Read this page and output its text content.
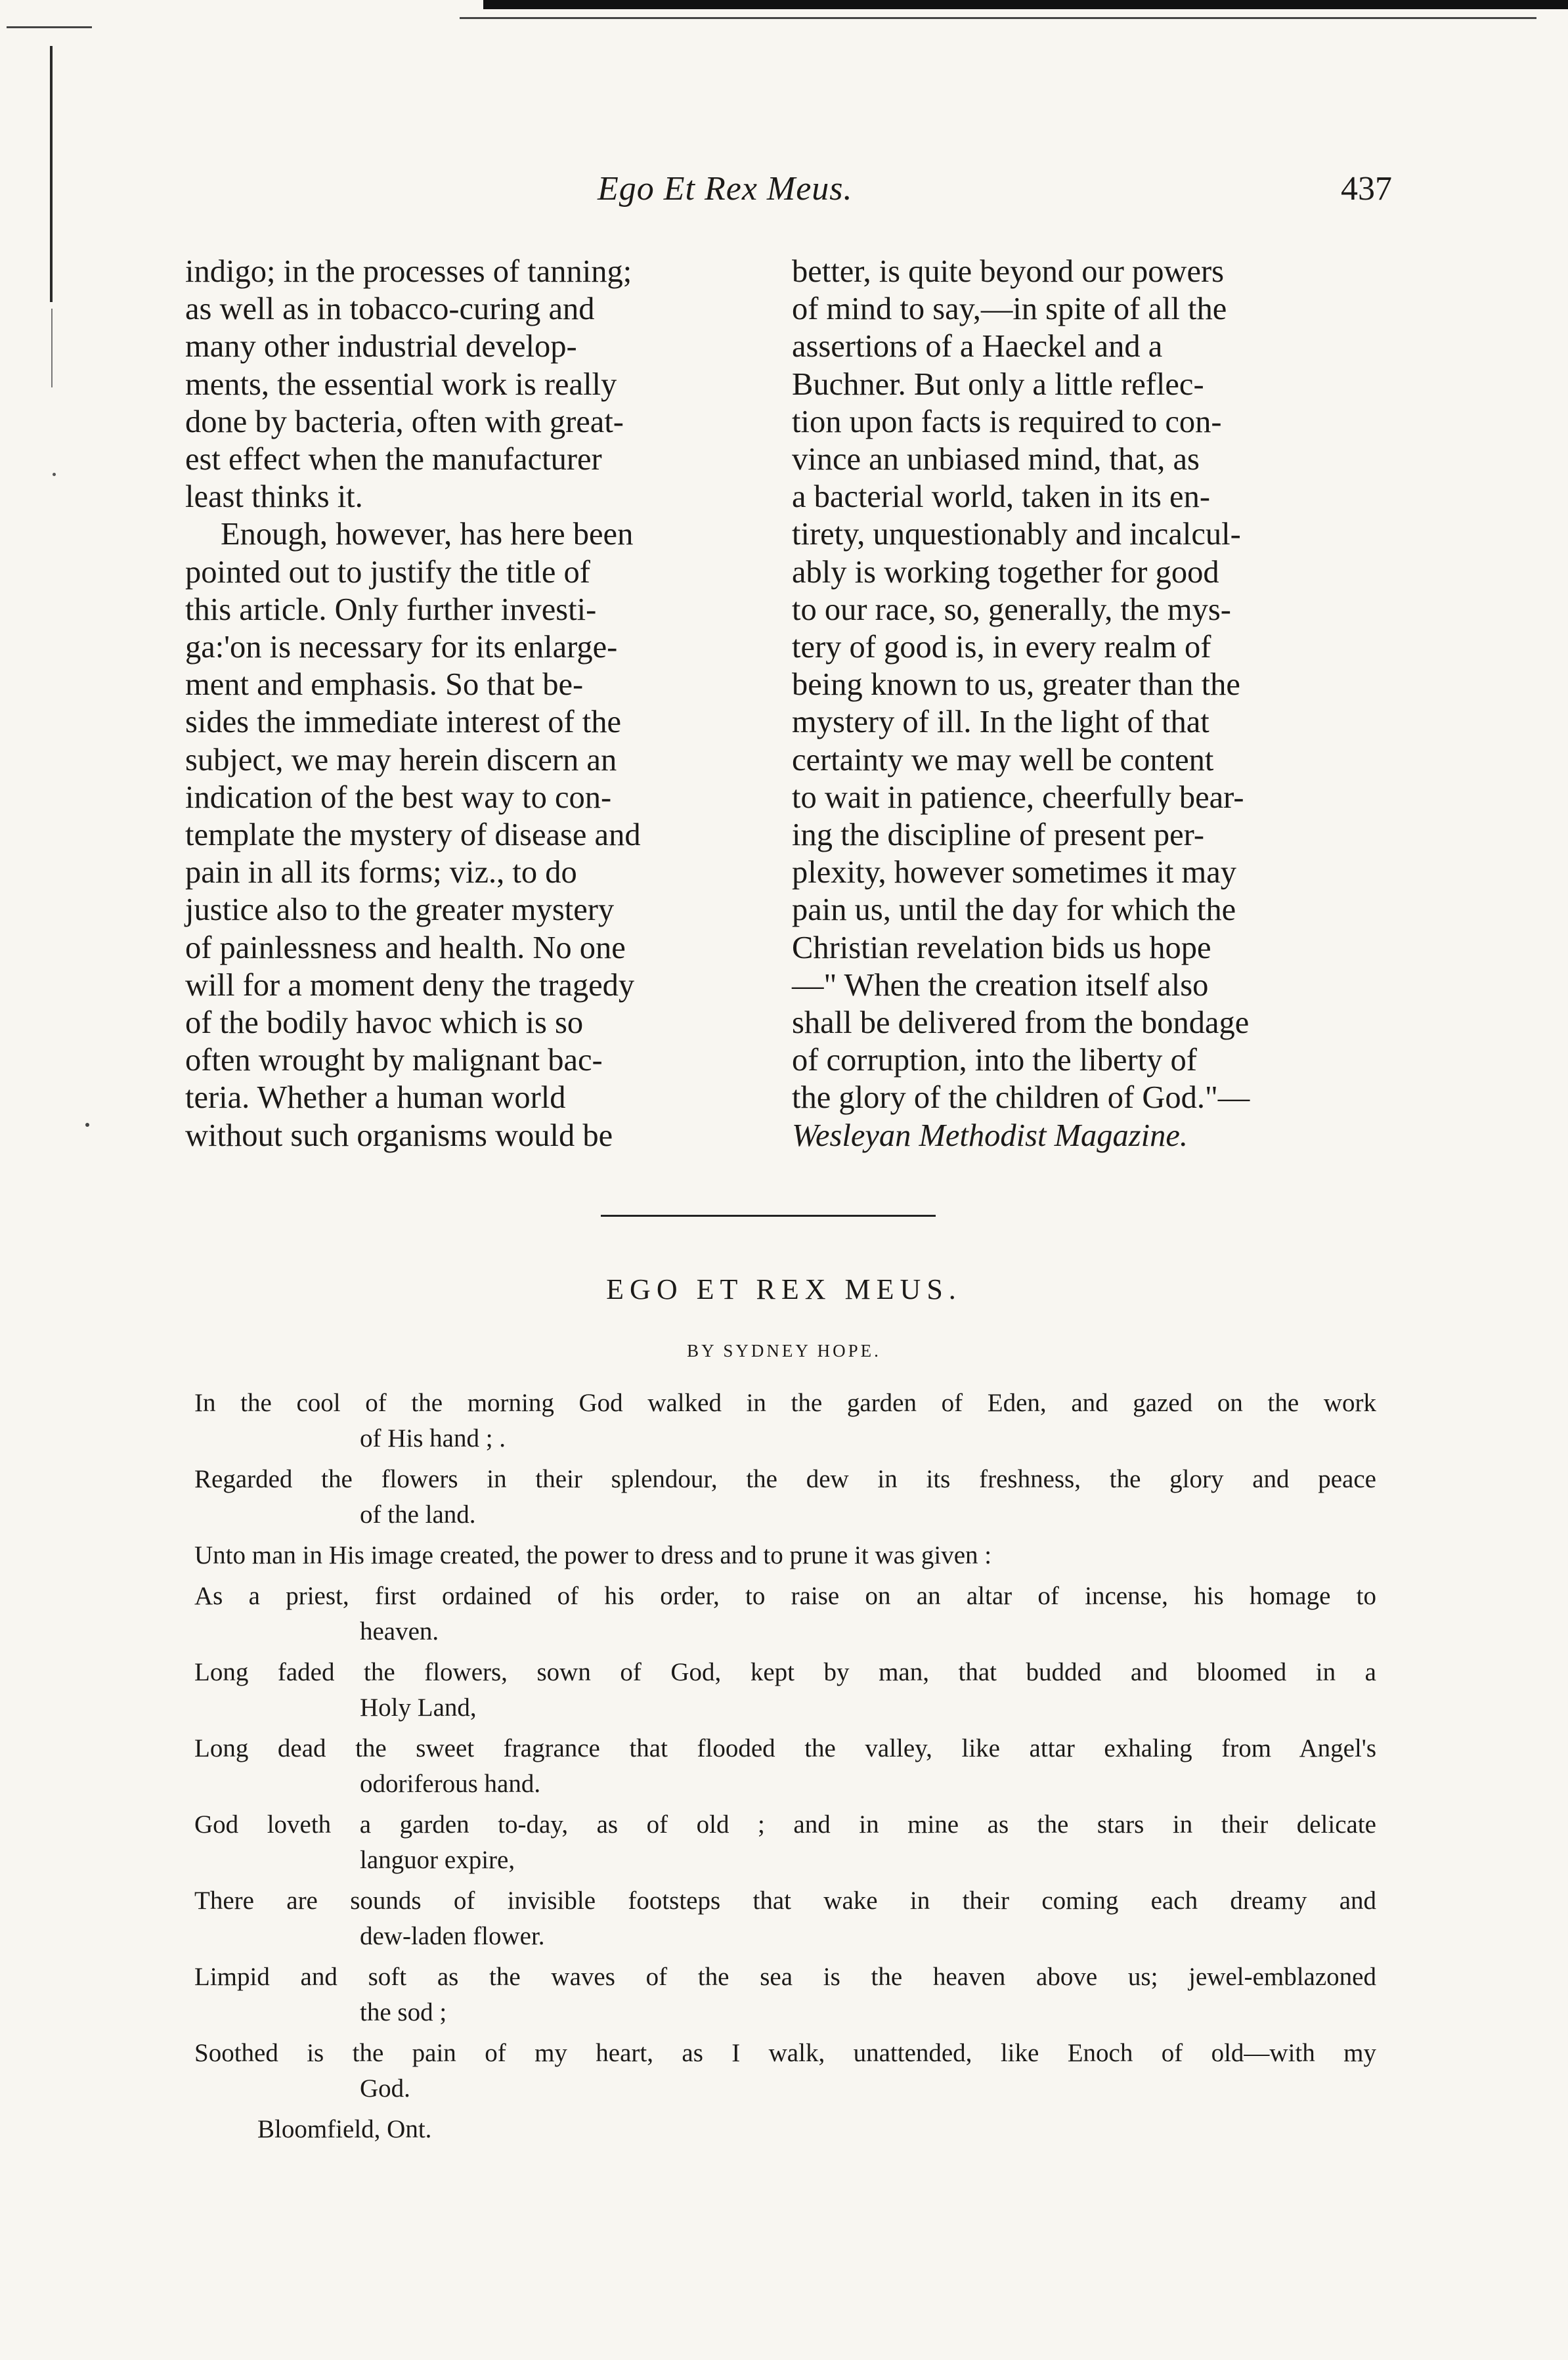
Ego Et Rex Meus.	437

indigo; in the processes of tanning;
as well as in tobacco-curing and
many other industrial develop-
ments, the essential work is really
done by bacteria, often with great-
est effect when the manufacturer
least thinks it.

Enough, however, has here been
pointed out to justify the title of
this article. Only further investi-
ga:'on is necessary for its enlarge-
ment and emphasis. So that be-
sides the immediate interest of the
subject, we may herein discern an
indication of the best way to con-
template the mystery of disease and
pain in all its forms; viz., to do
justice also to the greater mystery
of painlessness and health. No one
will for a moment deny the tragedy
of the bodily havoc which is so
often wrought by malignant bac-
teria. Whether a human world
without such organisms would be

better, is quite beyond our powers
of mind to say,—in spite of all the
assertions of a Haeckel and a
Buchner. But only a little reflec-
tion upon facts is required to con-
vince an unbiased mind, that, as
a bacterial world, taken in its en-
tirety, unquestionably and incalcul-
ably is working together for good
to our race, so, generally, the mys-
tery of good is, in every realm of
being known to us, greater than the
mystery of ill. In the light of that
certainty we may well be content
to wait in patience, cheerfully bear-
ing the discipline of present per-
plexity, however sometimes it may
pain us, until the day for which the
Christian revelation bids us hope
—" When the creation itself also
shall be delivered from the bondage
of corruption, into the liberty of
the glory of the children of God."—

Wesleyan Methodist Magazine.

EGO ET REX MEUS.
BY SYDNEY HOPE.
In the cool of the morning God walked in the garden of Eden, and gazed on the work
of His hand ; .
Regarded the flowers in their splendour, the dew in its freshness, the glory and peace
of the land.
Unto man in His image created, the power to dress and to prune it was given :
As a priest, first ordained of his order, to raise on an altar of incense, his homage to
heaven.
Long faded the flowers, sown of God, kept by man, that budded and bloomed in a
Holy Land,
Long dead the sweet fragrance that flooded the valley, like attar exhaling from Angel's
odoriferous hand.
God loveth a garden to-day, as of old ; and in mine as the stars in their delicate
languor expire,
There are sounds of invisible footsteps that wake in their coming each dreamy and
dew-laden flower.
Limpid and soft as the waves of the sea is the heaven above us; jewel-emblazoned
the sod ;
Soothed is the pain of my heart, as I walk, unattended, like Enoch of old—with my
God.
Bloomfield, Ont.
